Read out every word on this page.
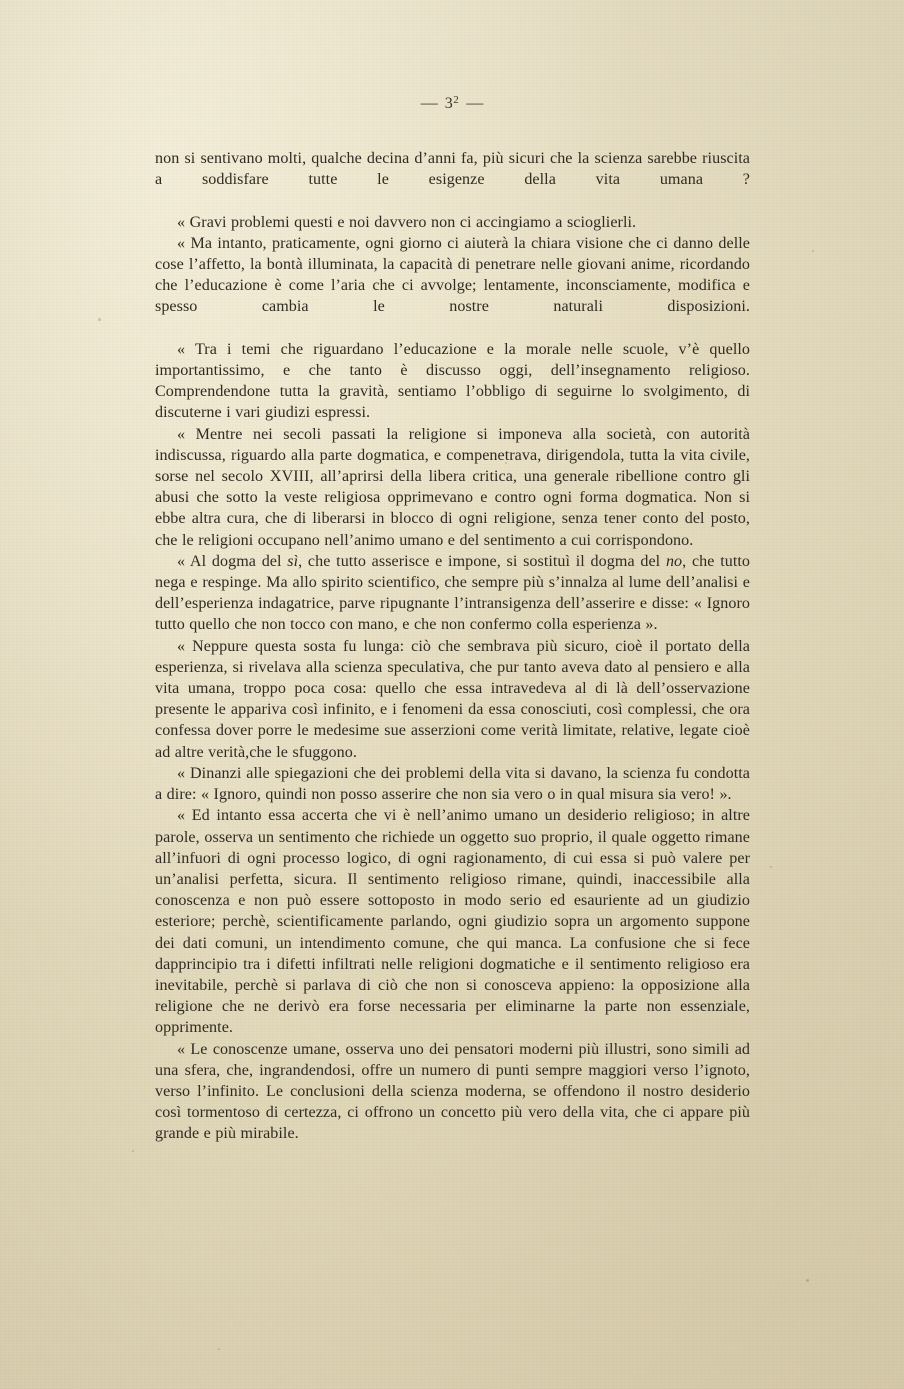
— $3^2$ —

non si sentivano molti, qualche decina d’anni fa, più sicuri che la scienza sarebbe riuscita a soddisfare tutte le esigenze della vita umana ?

« Gravi problemi questi e noi davvero non ci accingiamo a scioglierli.

« Ma intanto, praticamente, ogni giorno ci aiuterà la chiara visione che ci danno delle cose l’affetto, la bontà illuminata, la capacità di penetrare nelle giovani anime, ricordando che l’educazione è come l’aria che ci avvolge; lentamente, inconsciamente, modifica e spesso cambia le nostre naturali disposizioni.

« Tra i temi che riguardano l’educazione e la morale nelle scuole, v’è quello importantissimo, e che tanto è discusso oggi, dell’insegnamento religioso. Comprendendone tutta la gravità, sentiamo l’obbligo di seguirne lo svolgimento, di discuterne i vari giudizi espressi.

« Mentre nei secoli passati la religione si imponeva alla società, con autorità indiscussa, riguardo alla parte dogmatica, e compenetrava, dirigendola, tutta la vita civile, sorse nel secolo XVIII, all’aprirsi della libera critica, una generale ribellione contro gli abusi che sotto la veste religiosa opprimevano e contro ogni forma dogmatica. Non si ebbe altra cura, che di liberarsi in blocco di ogni religione, senza tener conto del posto, che le religioni occupano nell’animo umano e del sentimento a cui corrispondono.

« Al dogma del sì, che tutto asserisce e impone, si sostituì il dogma del no, che tutto nega e respinge. Ma allo spirito scientifico, che sempre più s’innalza al lume dell’analisi e dell’esperienza indagatrice, parve ripugnante l’intransigenza dell’asserire e disse: « Ignoro tutto quello che non tocco con mano, e che non confermo colla esperienza ».

« Neppure questa sosta fu lunga: ciò che sembrava più sicuro, cioè il portato della esperienza, si rivelava alla scienza speculativa, che pur tanto aveva dato al pensiero e alla vita umana, troppo poca cosa: quello che essa intravedeva al di là dell’osservazione presente le appariva così infinito, e i fenomeni da essa conosciuti, così complessi, che ora confessa dover porre le medesime sue asserzioni come verità limitate, relative, legate cioè ad altre verità,che le sfuggono.

« Dinanzi alle spiegazioni che dei problemi della vita si davano, la scienza fu condotta a dire: « Ignoro, quindi non posso asserire che non sia vero o in qual misura sia vero! ».

« Ed intanto essa accerta che vi è nell’animo umano un desiderio religioso; in altre parole, osserva un sentimento che richiede un oggetto suo proprio, il quale oggetto rimane all’infuori di ogni processo logico, di ogni ragionamento, di cui essa si può valere per un’analisi perfetta, sicura. Il sentimento religioso rimane, quindi, inaccessibile alla conoscenza e non può essere sottoposto in modo serio ed esauriente ad un giudizio esteriore; perchè, scientificamente parlando, ogni giudizio sopra un argomento suppone dei dati comuni, un intendimento comune, che qui manca. La confusione che si fece dapprincipio tra i difetti infiltrati nelle religioni dogmatiche e il sentimento religioso era inevitabile, perchè si parlava di ciò che non si conosceva appieno: la opposizione alla religione che ne derivò era forse necessaria per eliminarne la parte non essenziale, opprimente.

« Le conoscenze umane, osserva uno dei pensatori moderni più illustri, sono simili ad una sfera, che, ingrandendosi, offre un numero di punti sempre maggiori verso l’ignoto, verso l’infinito. Le conclusioni della scienza moderna, se offendono il nostro desiderio così tormentoso di certezza, ci offrono un concetto più vero della vita, che ci appare più grande e più mirabile.
